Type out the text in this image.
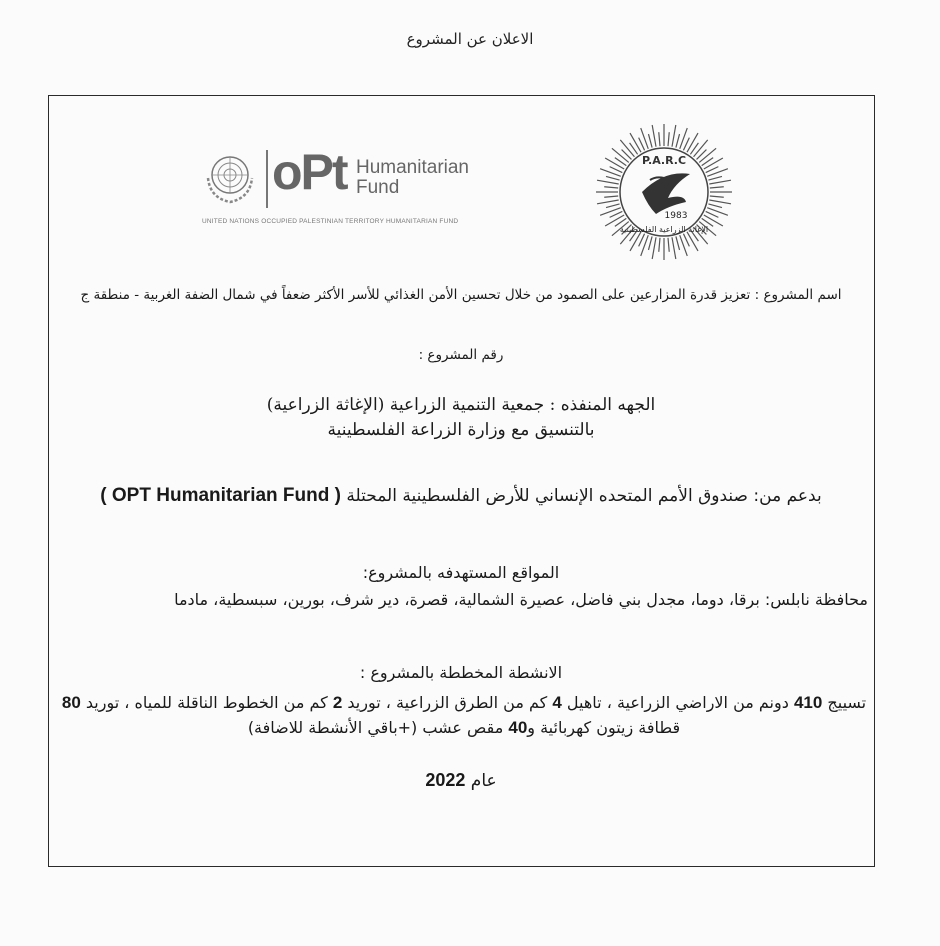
الاعلان عن المشروع
P.A.R.C
1983
الإغاثة الزراعية الفلسطينية
oPt Humanitarian
Fund
UNITED NATIONS OCCUPIED PALESTINIAN TERRITORY HUMANITARIAN FUND
اسم المشروع : تعزيز قدرة المزارعين على الصمود من خلال تحسين الأمن الغذائي للأسر الأكثر ضعفاً في شمال الضفة الغربية - منطقة ج
رقم المشروع :
الجهه المنفذه : جمعية التنمية الزراعية (الإغاثة الزراعية)
بالتنسيق مع وزارة الزراعة الفلسطينية
بدعم من: صندوق الأمم المتحده الإنساني للأرض الفلسطينية المحتلة ( OPT Humanitarian Fund )
المواقع المستهدفه بالمشروع:
محافظة نابلس: برقا، دوما، مجدل بني فاضل، عصيرة الشمالية، قصرة، دير شرف، بورين، سبسطية، مادما
الانشطة المخططة بالمشروع :
تسييج 410 دونم من الاراضي الزراعية ، تاهيل 4 كم من الطرق الزراعية ، توريد 2 كم من الخطوط الناقلة للمياه ، توريد 80 قطافة زيتون كهربائية و40 مقص عشب (+باقي الأنشطة للاضافة)
عام 2022
